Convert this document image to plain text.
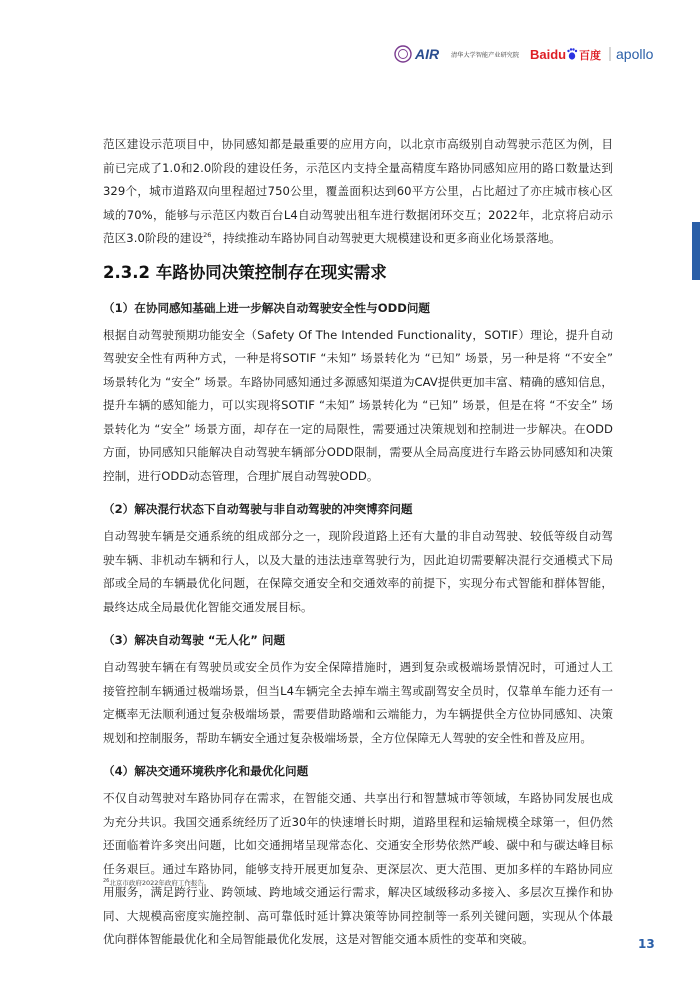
AIR 清华大学智能产业研究院 Baidu 百度 apollo

范区建设示范项目中，协同感知都是最重要的应用方向，以北京市高级别自动驾驶示范区为例，目前已完成了1.0和2.0阶段的建设任务，示范区内支持全量高精度车路协同感知应用的路口数量达到329个，城市道路双向里程超过750公里，覆盖面积达到60平方公里，占比超过了亦庄城市核心区域的70%，能够与示范区内数百台L4自动驾驶出租车进行数据闭环交互；2022年，北京将启动示范区3.0阶段的建设$^{26}$，持续推动车路协同自动驾驶更大规模建设和更多商业化场景落地。

2.3.2 车路协同决策控制存在现实需求
（1）在协同感知基础上进一步解决自动驾驶安全性与ODD问题

根据自动驾驶预期功能安全（Safety Of The Intended Functionality，SOTIF）理论，提升自动驾驶安全性有两种方式，一种是将SOTIF “未知” 场景转化为 “已知” 场景，另一种是将 “不安全” 场景转化为 “安全” 场景。车路协同感知通过多源感知渠道为CAV提供更加丰富、精确的感知信息，提升车辆的感知能力，可以实现将SOTIF “未知” 场景转化为 “已知” 场景，但是在将 “不安全” 场景转化为 “安全” 场景方面，却存在一定的局限性，需要通过决策规划和控制进一步解决。在ODD方面，协同感知只能解决自动驾驶车辆部分ODD限制，需要从全局高度进行车路云协同感知和决策控制，进行ODD动态管理，合理扩展自动驾驶ODD。

（2）解决混行状态下自动驾驶与非自动驾驶的冲突博弈问题

自动驾驶车辆是交通系统的组成部分之一，现阶段道路上还有大量的非自动驾驶、较低等级自动驾驶车辆、非机动车辆和行人，以及大量的违法违章驾驶行为，因此迫切需要解决混行交通模式下局部或全局的车辆最优化问题，在保障交通安全和交通效率的前提下，实现分布式智能和群体智能，最终达成全局最优化智能交通发展目标。

（3）解决自动驾驶 “无人化” 问题

自动驾驶车辆在有驾驶员或安全员作为安全保障措施时，遇到复杂或极端场景情况时，可通过人工接管控制车辆通过极端场景，但当L4车辆完全去掉车端主驾或副驾安全员时，仅靠单车能力还有一定概率无法顺利通过复杂极端场景，需要借助路端和云端能力，为车辆提供全方位协同感知、决策规划和控制服务，帮助车辆安全通过复杂极端场景，全方位保障无人驾驶的安全性和普及应用。

（4）解决交通环境秩序化和最优化问题

不仅自动驾驶对车路协同存在需求，在智能交通、共享出行和智慧城市等领域，车路协同发展也成为充分共识。我国交通系统经历了近30年的快速增长时期，道路里程和运输规模全球第一，但仍然还面临着许多突出问题，比如交通拥堵呈现常态化、交通安全形势依然严峻、碳中和与碳达峰目标任务艰巨。通过车路协同，能够支持开展更加复杂、更深层次、更大范围、更加多样的车路协同应用服务，满足跨行业、跨领域、跨地域交通运行需求，解决区域级移动多接入、多层次互操作和协同、大规模高密度实施控制、高可靠低时延计算决策等协同控制等一系列关键问题，实现从个体最优向群体智能最优化和全局智能最优化发展，这是对智能交通本质性的变革和突破。

$^{26}$北京市政府2022年政府工作报告。
13
